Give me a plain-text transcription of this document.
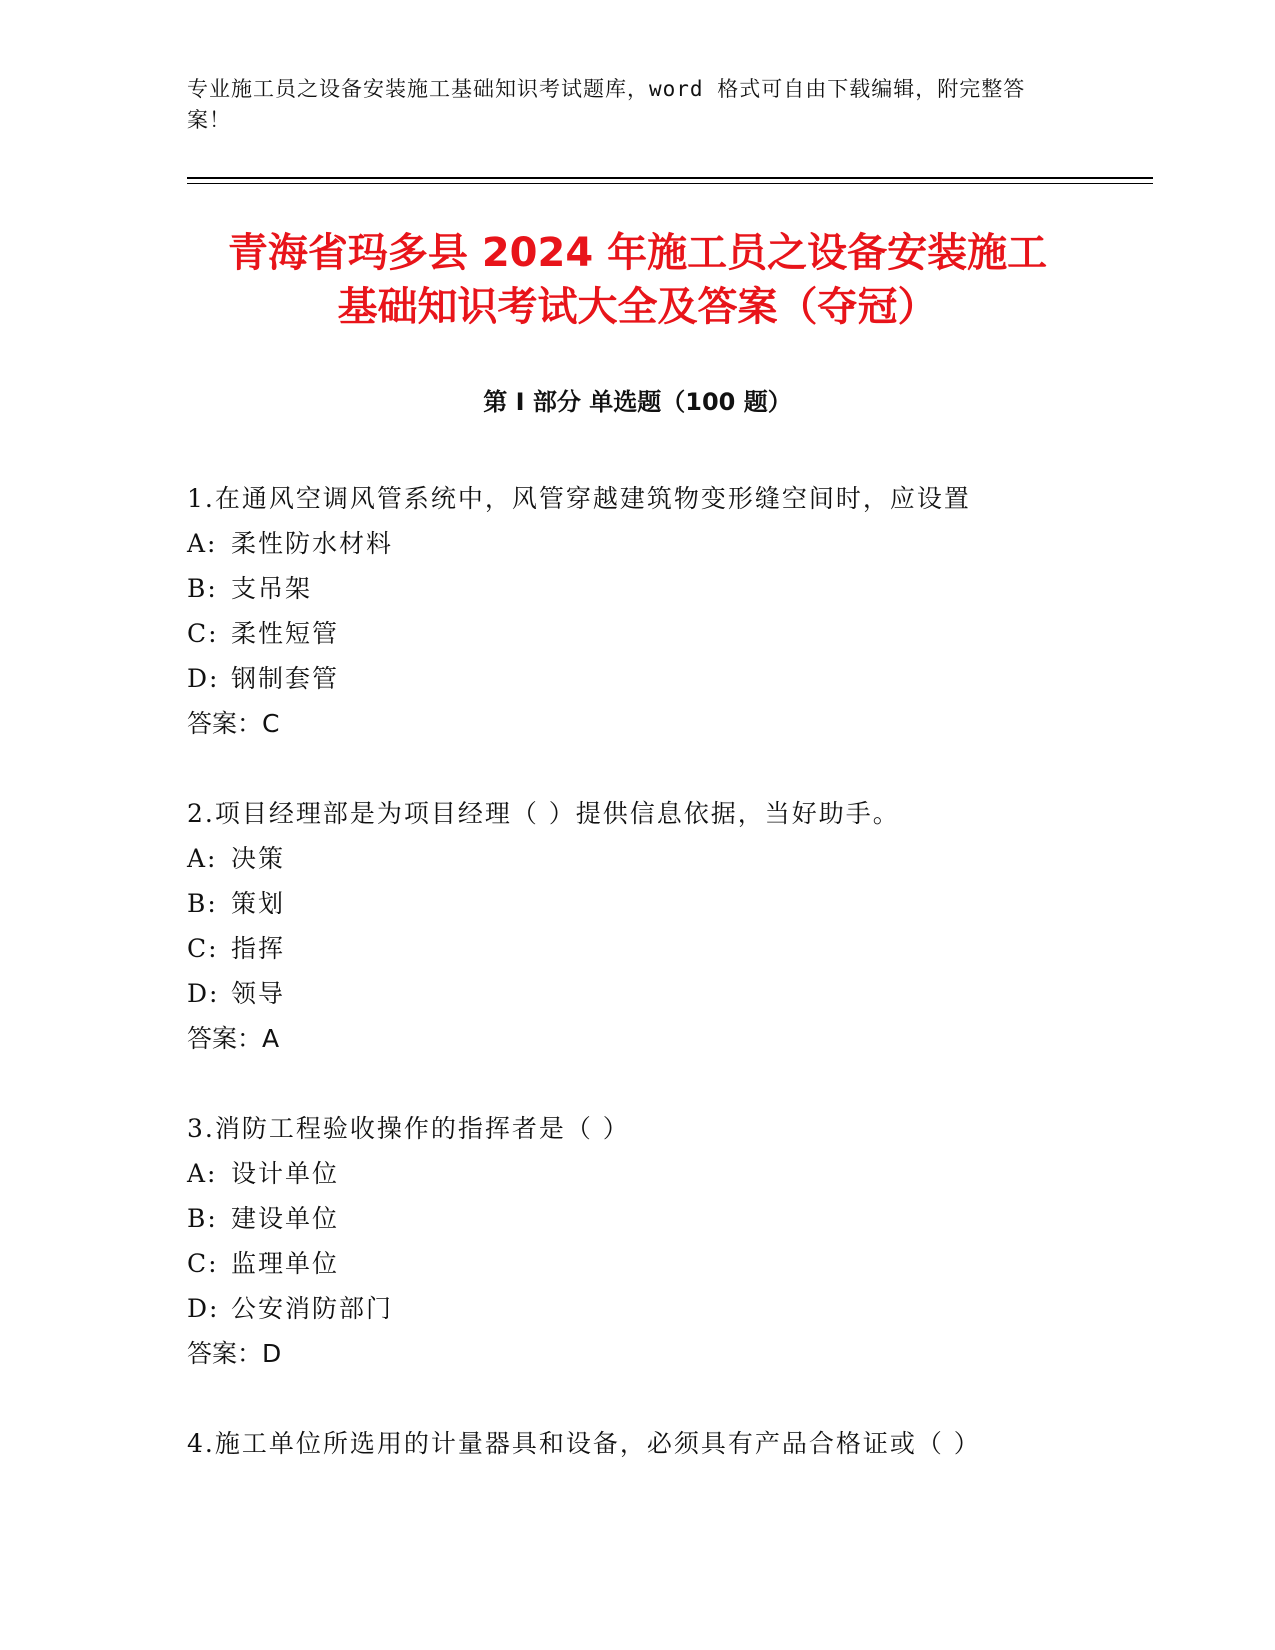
专业施工员之设备安装施工基础知识考试题库，word 格式可自由下载编辑，附完整答案！
青海省玛多县 2024 年施工员之设备安装施工
基础知识考试大全及答案（夺冠）
第 I 部分 单选题（100 题）
1.在通风空调风管系统中，风管穿越建筑物变形缝空间时，应设置
A: 柔性防水材料
B: 支吊架
C: 柔性短管
D: 钢制套管
答案：C
2.项目经理部是为项目经理（ ）提供信息依据，当好助手。
A: 决策
B: 策划
C: 指挥
D: 领导
答案：A
3.消防工程验收操作的指挥者是（ ）
A: 设计单位
B: 建设单位
C: 监理单位
D: 公安消防部门
答案：D
4.施工单位所选用的计量器具和设备，必须具有产品合格证或（ ）
